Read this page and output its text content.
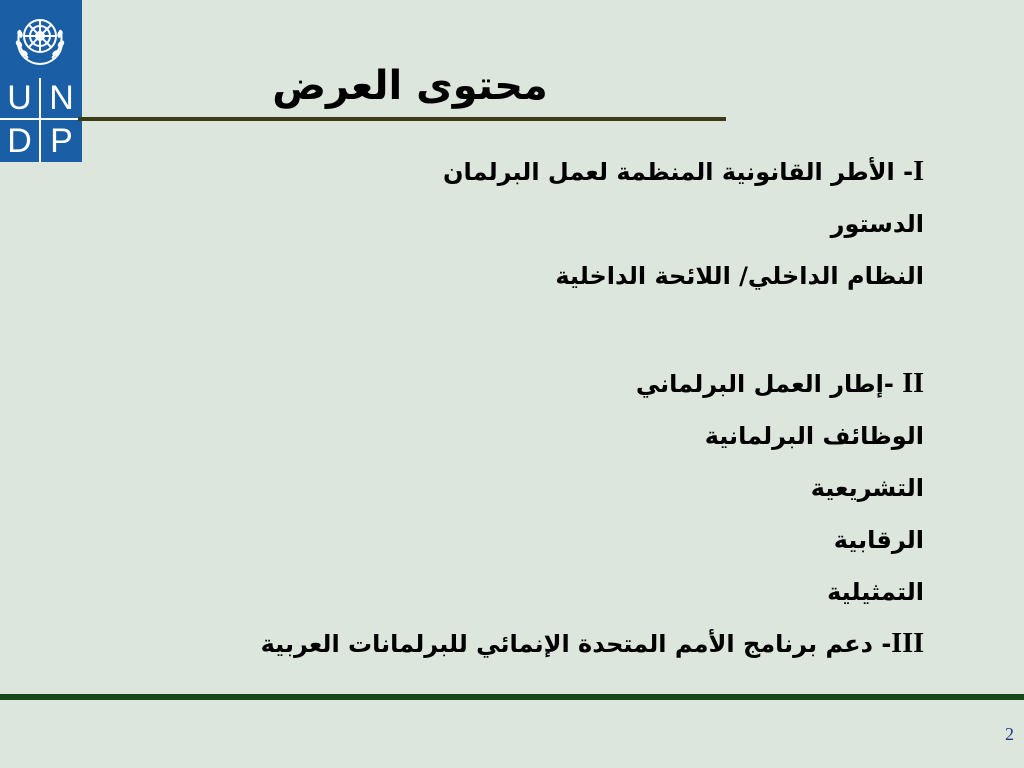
U N
D P
محتوى العرض
I- الأطر القانونية المنظمة لعمل البرلمان
الدستور
النظام الداخلي/ اللائحة الداخلية
II -إطار العمل البرلماني
الوظائف البرلمانية
التشريعية
الرقابية
التمثيلية
III- دعم برنامج الأمم المتحدة الإنمائي للبرلمانات العربية
2
